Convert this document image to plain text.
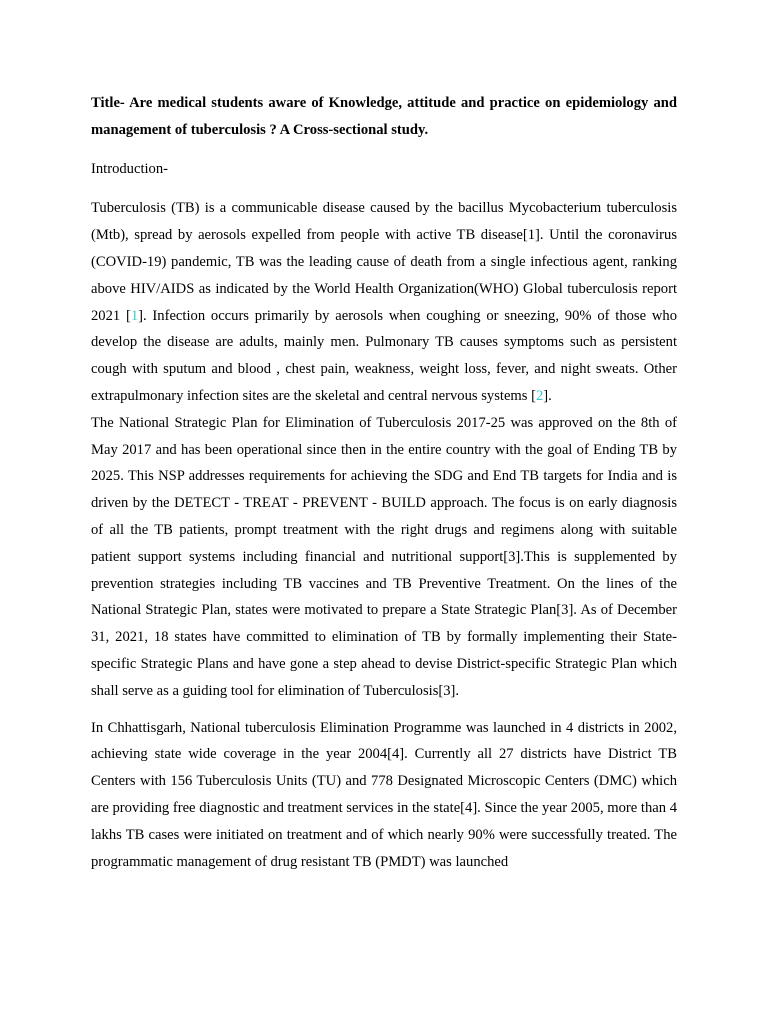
Title- Are medical students aware of Knowledge, attitude and practice on epidemiology and management of tuberculosis ? A Cross-sectional study.

Introduction-

Tuberculosis (TB) is a communicable disease caused by the bacillus Mycobacterium tuberculosis (Mtb), spread by aerosols expelled from people with active TB disease[1]. Until the coronavirus (COVID-19) pandemic, TB was the leading cause of death from a single infectious agent, ranking above HIV/AIDS as indicated by the World Health Organization(WHO) Global tuberculosis report 2021 [1]. Infection occurs primarily by aerosols when coughing or sneezing, 90% of those who develop the disease are adults, mainly men. Pulmonary TB causes symptoms such as persistent cough with sputum and blood , chest pain, weakness, weight loss, fever, and night sweats. Other extrapulmonary infection sites are the skeletal and central nervous systems [2].

The National Strategic Plan for Elimination of Tuberculosis 2017-25 was approved on the 8th of May 2017 and has been operational since then in the entire country with the goal of Ending TB by 2025. This NSP addresses requirements for achieving the SDG and End TB targets for India and is driven by the DETECT - TREAT - PREVENT - BUILD approach. The focus is on early diagnosis of all the TB patients, prompt treatment with the right drugs and regimens along with suitable patient support systems including financial and nutritional support[3].This is supplemented by prevention strategies including TB vaccines and TB Preventive Treatment. On the lines of the National Strategic Plan, states were motivated to prepare a State Strategic Plan[3]. As of December 31, 2021, 18 states have committed to elimination of TB by formally implementing their State-specific Strategic Plans and have gone a step ahead to devise District-specific Strategic Plan which shall serve as a guiding tool for elimination of Tuberculosis[3].

In Chhattisgarh, National tuberculosis Elimination Programme was launched in 4 districts in 2002, achieving state wide coverage in the year 2004[4]. Currently all 27 districts have District TB Centers with 156 Tuberculosis Units (TU) and 778 Designated Microscopic Centers (DMC) which are providing free diagnostic and treatment services in the state[4]. Since the year 2005, more than 4 lakhs TB cases were initiated on treatment and of which nearly 90% were successfully treated. The programmatic management of drug resistant TB (PMDT) was launched
